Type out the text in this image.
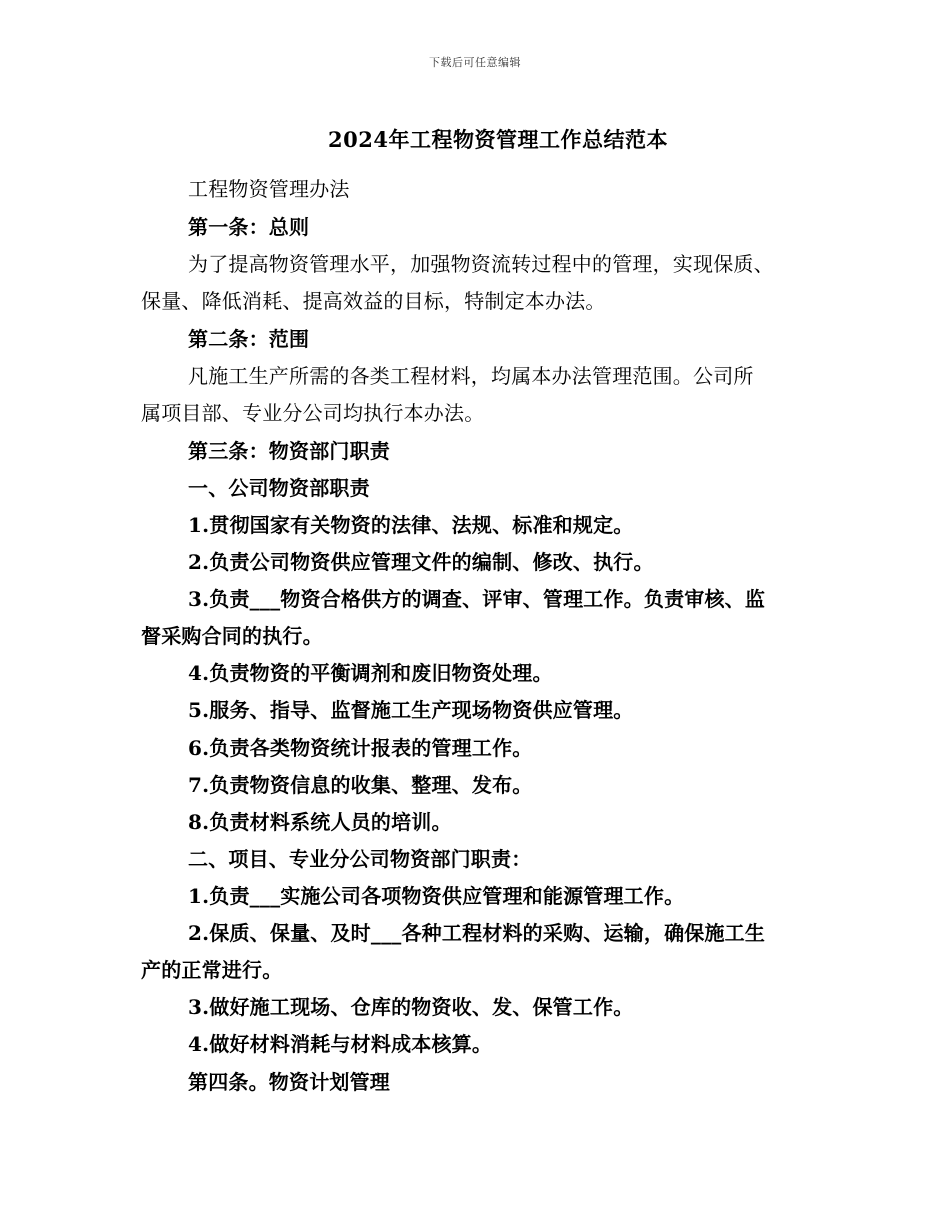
下载后可任意编辑
2024年工程物资管理工作总结范本
工程物资管理办法
第一条：总则
为了提高物资管理水平，加强物资流转过程中的管理，实现保质、
保量、降低消耗、提高效益的目标，特制定本办法。
第二条：范围
凡施工生产所需的各类工程材料，均属本办法管理范围。公司所
属项目部、专业分公司均执行本办法。
第三条：物资部门职责
一、公司物资部职责
1.贯彻国家有关物资的法律、法规、标准和规定。
2.负责公司物资供应管理文件的编制、修改、执行。
3.负责___物资合格供方的调查、评审、管理工作。负责审核、监
督采购合同的执行。
4.负责物资的平衡调剂和废旧物资处理。
5.服务、指导、监督施工生产现场物资供应管理。
6.负责各类物资统计报表的管理工作。
7.负责物资信息的收集、整理、发布。
8.负责材料系统人员的培训。
二、项目、专业分公司物资部门职责：
1.负责___实施公司各项物资供应管理和能源管理工作。
2.保质、保量、及时___各种工程材料的采购、运输，确保施工生
产的正常进行。
3.做好施工现场、仓库的物资收、发、保管工作。
4.做好材料消耗与材料成本核算。
第四条。物资计划管理
